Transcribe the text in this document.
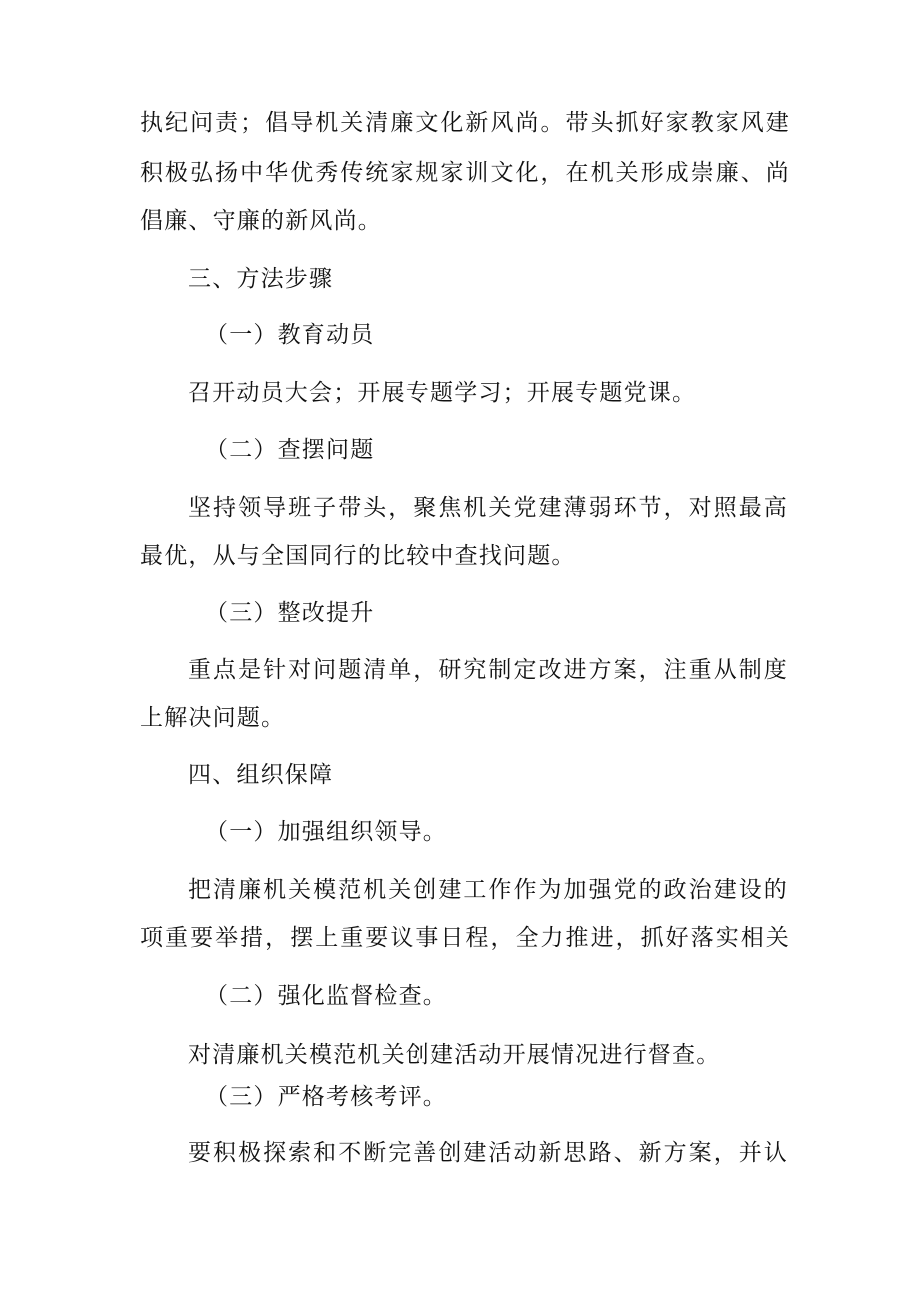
执纪问责；倡导机关清廉文化新风尚。带头抓好家教家风建
积极弘扬中华优秀传统家规家训文化，在机关形成崇廉、尚
倡廉、守廉的新风尚。
三、方法步骤
（一）教育动员
召开动员大会；开展专题学习；开展专题党课。
（二）查摆问题
坚持领导班子带头，聚焦机关党建薄弱环节，对照最高
最优，从与全国同行的比较中查找问题。
（三）整改提升
重点是针对问题清单，研究制定改进方案，注重从制度
上解决问题。
四、组织保障
（一）加强组织领导。
把清廉机关模范机关创建工作作为加强党的政治建设的
项重要举措，摆上重要议事日程，全力推进，抓好落实相关
（二）强化监督检查。
对清廉机关模范机关创建活动开展情况进行督查。
（三）严格考核考评。
要积极探索和不断完善创建活动新思路、新方案，并认
